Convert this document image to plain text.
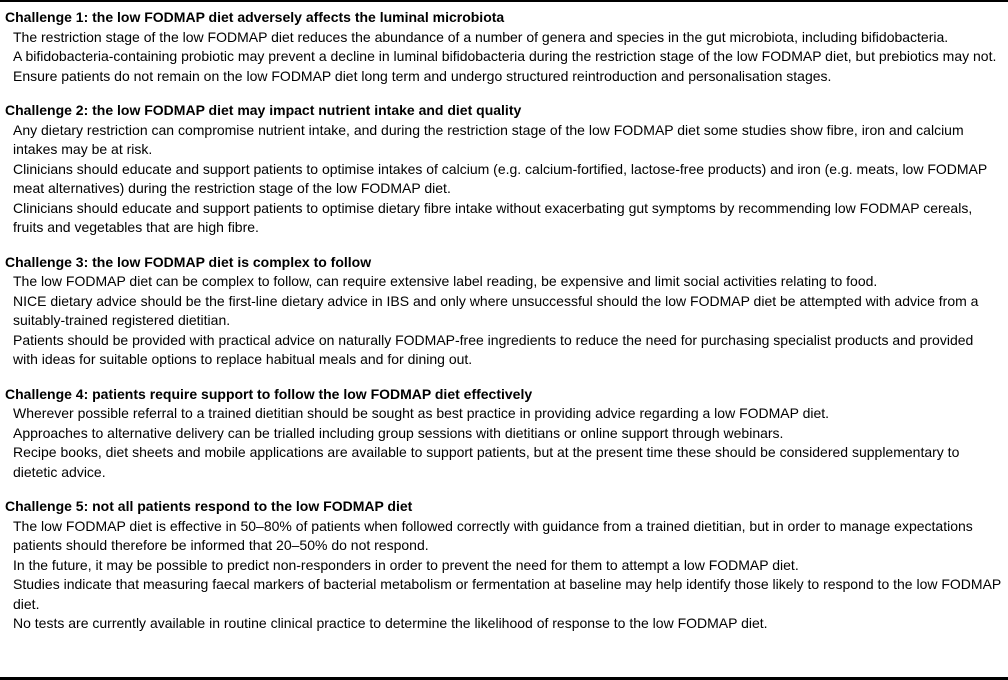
Challenge 1: the low FODMAP diet adversely affects the luminal microbiota

The restriction stage of the low FODMAP diet reduces the abundance of a number of genera and species in the gut microbiota, including bifidobacteria.

A bifidobacteria-containing probiotic may prevent a decline in luminal bifidobacteria during the restriction stage of the low FODMAP diet, but prebiotics may not.

Ensure patients do not remain on the low FODMAP diet long term and undergo structured reintroduction and personalisation stages.

Challenge 2: the low FODMAP diet may impact nutrient intake and diet quality

Any dietary restriction can compromise nutrient intake, and during the restriction stage of the low FODMAP diet some studies show fibre, iron and calcium intakes may be at risk.

Clinicians should educate and support patients to optimise intakes of calcium (e.g. calcium-fortified, lactose-free products) and iron (e.g. meats, low FODMAP meat alternatives) during the restriction stage of the low FODMAP diet.

Clinicians should educate and support patients to optimise dietary fibre intake without exacerbating gut symptoms by recommending low FODMAP cereals, fruits and vegetables that are high fibre.

Challenge 3: the low FODMAP diet is complex to follow

The low FODMAP diet can be complex to follow, can require extensive label reading, be expensive and limit social activities relating to food.

NICE dietary advice should be the first-line dietary advice in IBS and only where unsuccessful should the low FODMAP diet be attempted with advice from a suitably-trained registered dietitian.

Patients should be provided with practical advice on naturally FODMAP-free ingredients to reduce the need for purchasing specialist products and provided with ideas for suitable options to replace habitual meals and for dining out.

Challenge 4: patients require support to follow the low FODMAP diet effectively

Wherever possible referral to a trained dietitian should be sought as best practice in providing advice regarding a low FODMAP diet.

Approaches to alternative delivery can be trialled including group sessions with dietitians or online support through webinars.

Recipe books, diet sheets and mobile applications are available to support patients, but at the present time these should be considered supplementary to dietetic advice.

Challenge 5: not all patients respond to the low FODMAP diet

The low FODMAP diet is effective in 50–80% of patients when followed correctly with guidance from a trained dietitian, but in order to manage expectations patients should therefore be informed that 20–50% do not respond.

In the future, it may be possible to predict non-responders in order to prevent the need for them to attempt a low FODMAP diet.

Studies indicate that measuring faecal markers of bacterial metabolism or fermentation at baseline may help identify those likely to respond to the low FODMAP diet.

No tests are currently available in routine clinical practice to determine the likelihood of response to the low FODMAP diet.
